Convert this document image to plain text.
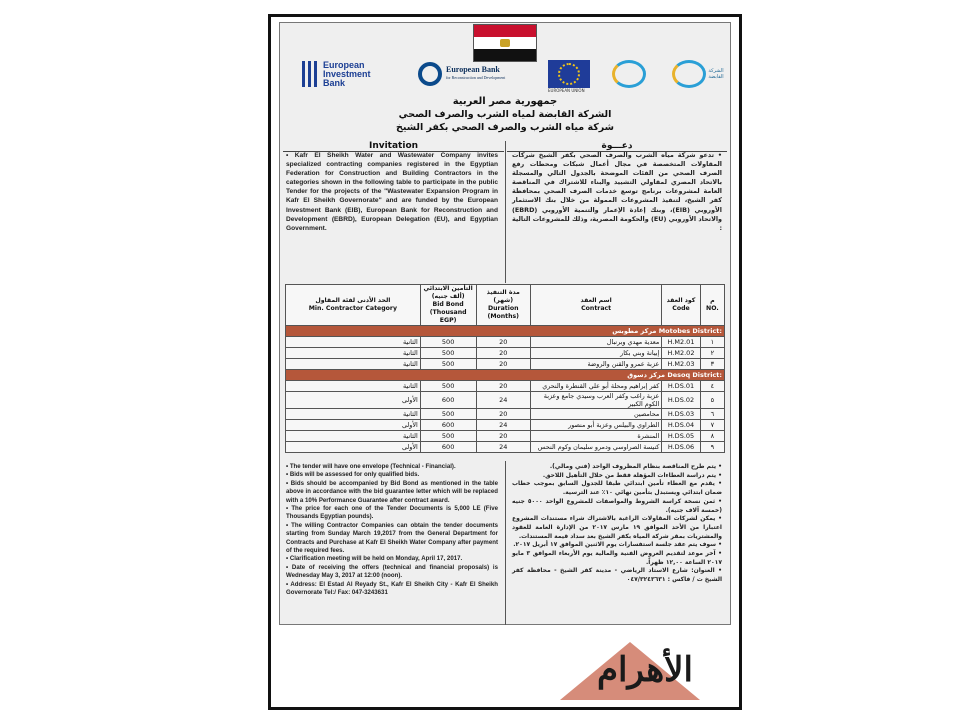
European
Investment
Bank
European Bank
for Reconstruction and Development
EUROPEAN UNION
الشركة القابضة
جمهورية مصر العربية
الشركة القابضة لمياه الشرب والصرف الصحي
شركة مياه الشرب والصرف الصحي بكفر الشيخ
Invitation	دعـــوة
• Kafr El Sheikh Water and Wastewater Company invites specialized contracting companies registered in the Egyptian Federation for Construction and Building Contractors in the categories shown in the following table to participate in the public Tender for the projects of the "Wastewater Expansion Program in Kafr El Sheikh Governorate" and are funded by the European Investment Bank (EIB), European Bank for Reconstruction and Development (EBRD), European Delegation (EU), and Egyptian Government.
• تدعو شركة مياه الشرب والصرف الصحي بكفر الشيخ شركات المقاولات المتخصصة في مجال أعمال شبكات ومحطات رفع الصرف الصحي من الفئات الموضحة بالجدول التالي والمسجلة بالاتحاد المصري لمقاولي التشييد والبناء للاشتراك في المناقصة العامة لمشروعات برنامج توسع خدمات الصرف الصحي بمحافظة كفر الشيخ، لتنفيذ المشروعات الممولة من خلال بنك الاستثمار الأوروبي (EIB)، وبنك إعادة الإعمار والتنمية الأوروبي (EBRD) والاتحاد الأوروبي (EU) والحكومة المصرية، وذلك للمشروعات التالية :
الحد الأدنى لفئة المقاول
Min. Contractor Category	التأمين الابتدائي (ألف جنيه)
Bid Bond (Thousand EGP)	مدة التنفيذ (شهر)
Duration (Months)	اسم العقد
Contract	كود العقد
Code	م
NO.
مركز مطوبس Motobes District:					
الثانية	500	20	معدية مهدي وبرنبال	H.M2.01	١
الثانية	500	20	إبيانة وبني بكار	H.M2.02	٢
الثانية	500	20	عزبة عمرو والقنن والروضة	H.M2.03	٣
مركز دسوق Desoq District:					
الثانية	500	20	كفر إبراهيم ومحلة أبو علي القنطرة والنحري	H.DS.01	٤
الأولى	600	24	عزبة راغب وكفر العرب وسيدي جامع وعزبة الكوم الكبير	H.DS.02	٥
الثانية	500	20	محامصين	H.DS.03	٦
الأولى	600	24	الطراوي والبيلس وعزبة أبو منصور	H.DS.04	٧
الثانية	500	20	المنشرة	H.DS.05	٨
الأولى	600	24	كنيسة الصراوسي ودمرو سليمان وكوم النحس	H.DS.06	٩

• The tender will have one envelope (Technical - Financial).

• Bids will be assessed for only qualified bids.

• Bids should be accompanied by Bid Bond as mentioned in the table above in accordance with the bid guarantee letter which will be replaced with a 10% Performance Guarantee after contract award.

• The price for each one of the Tender Documents is 5,000 LE (Five Thousands Egyptian pounds).

• The willing Contractor Companies can obtain the tender documents starting from Sunday March 19,2017 from the General Department for Contracts and Purchase at Kafr El Sheikh Water Company after payment of the required fees.

• Clarification meeting will be held on Monday, April 17, 2017.

• Date of receiving the offers (technical and financial proposals) is Wednesday May 3, 2017 at 12:00 (noon).

• Address: El Estad Al Reyady St., Kafr El Sheikh City - Kafr El Sheikh Governorate Tel:/ Fax: 047-3243631

• يتم طرح المناقصة بنظام المظروف الواحد (فني ومالي).

• يتم دراسة العطاءات المؤهلة فقط من خلال التأهيل اللاحق.

• يقدم مع العطاء تأمين ابتدائي طبقا للجدول السابق بموجب خطاب ضمان ابتدائي ويستبدل بتأمين نهائي ١٠٪ عند الترسية.

• ثمن نسخة كراسة الشروط والمواصفات للمشروع الواحد ٥٠٠٠ جنيه (خمسة آلاف جنيه).

• يمكن لشركات المقاولات الراغبة بالاشتراك شراء مستندات المشروع اعتبارا من الأحد الموافق ١٩ مارس ٢٠١٧ من الإدارة العامة للعقود والمشتريات بمقر شركة المياه بكفر الشيخ بعد سداد قيمة المستندات.

• سوف يتم عقد جلسة استفسارات يوم الاثنين الموافق ١٧ أبريل ٢٠١٧.

• آخر موعد لتقديم العروض الفنية والمالية يوم الأربعاء الموافق ٣ مايو ٢٠١٧ الساعة ١٢,٠٠ ظهراً.

• العنوان: شارع الاستاد الرياضي - مدينة كفر الشيخ - محافظة كفر الشيخ ت / فاكس : ٠٤٧/٣٢٤٣٦٣١

الأهرام
